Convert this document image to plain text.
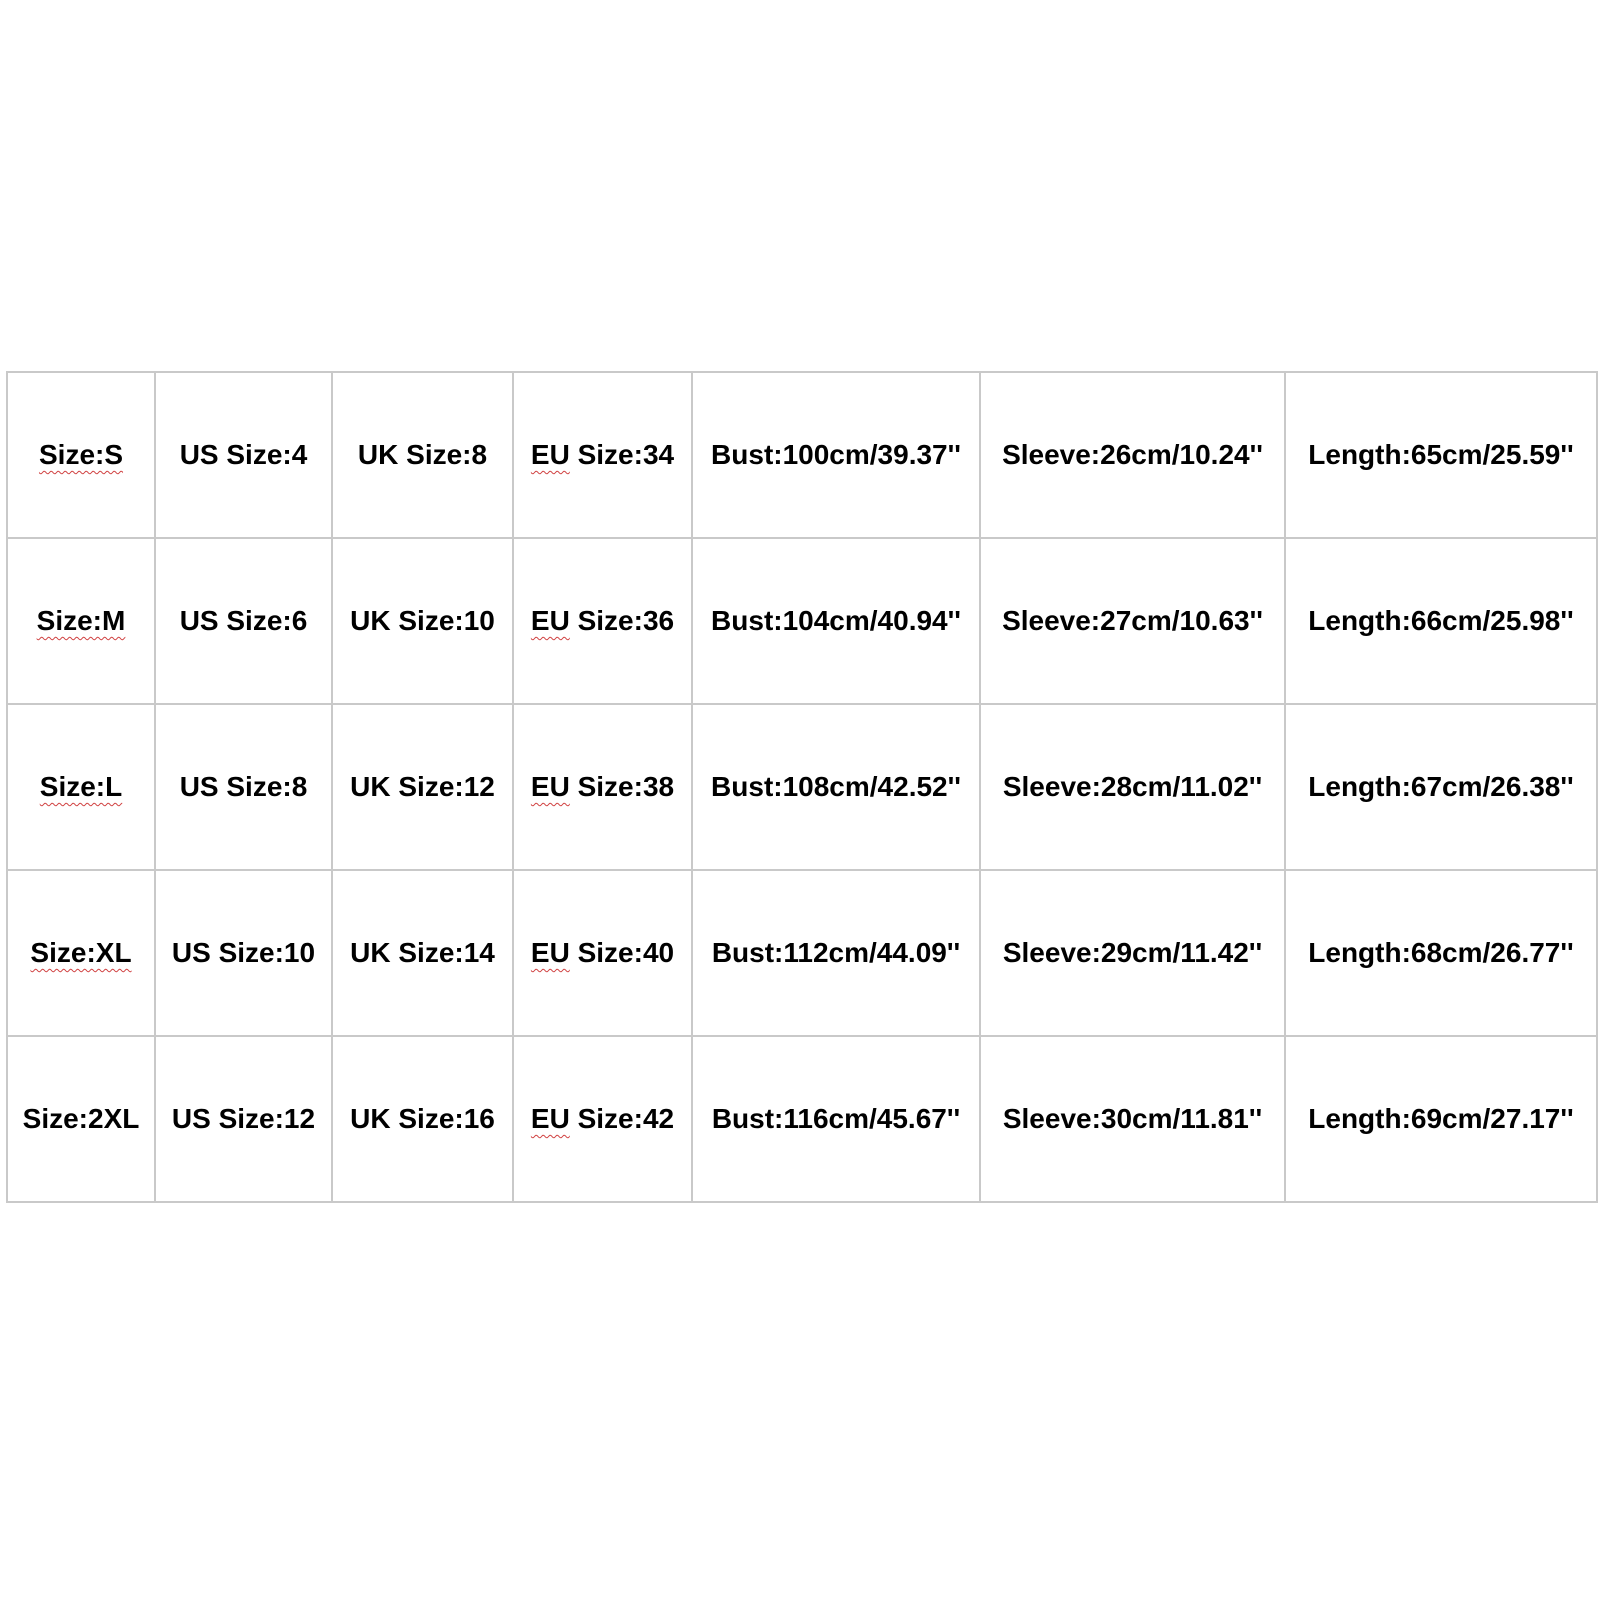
Size:S	US Size:4	UK Size:8	EU Size:34	Bust:100cm/39.37''	Sleeve:26cm/10.24''	Length:65cm/25.59''
Size:M	US Size:6	UK Size:10	EU Size:36	Bust:104cm/40.94''	Sleeve:27cm/10.63''	Length:66cm/25.98''
Size:L	US Size:8	UK Size:12	EU Size:38	Bust:108cm/42.52''	Sleeve:28cm/11.02''	Length:67cm/26.38''
Size:XL	US Size:10	UK Size:14	EU Size:40	Bust:112cm/44.09''	Sleeve:29cm/11.42''	Length:68cm/26.77''
Size:2XL	US Size:12	UK Size:16	EU Size:42	Bust:116cm/45.67''	Sleeve:30cm/11.81''	Length:69cm/27.17''
